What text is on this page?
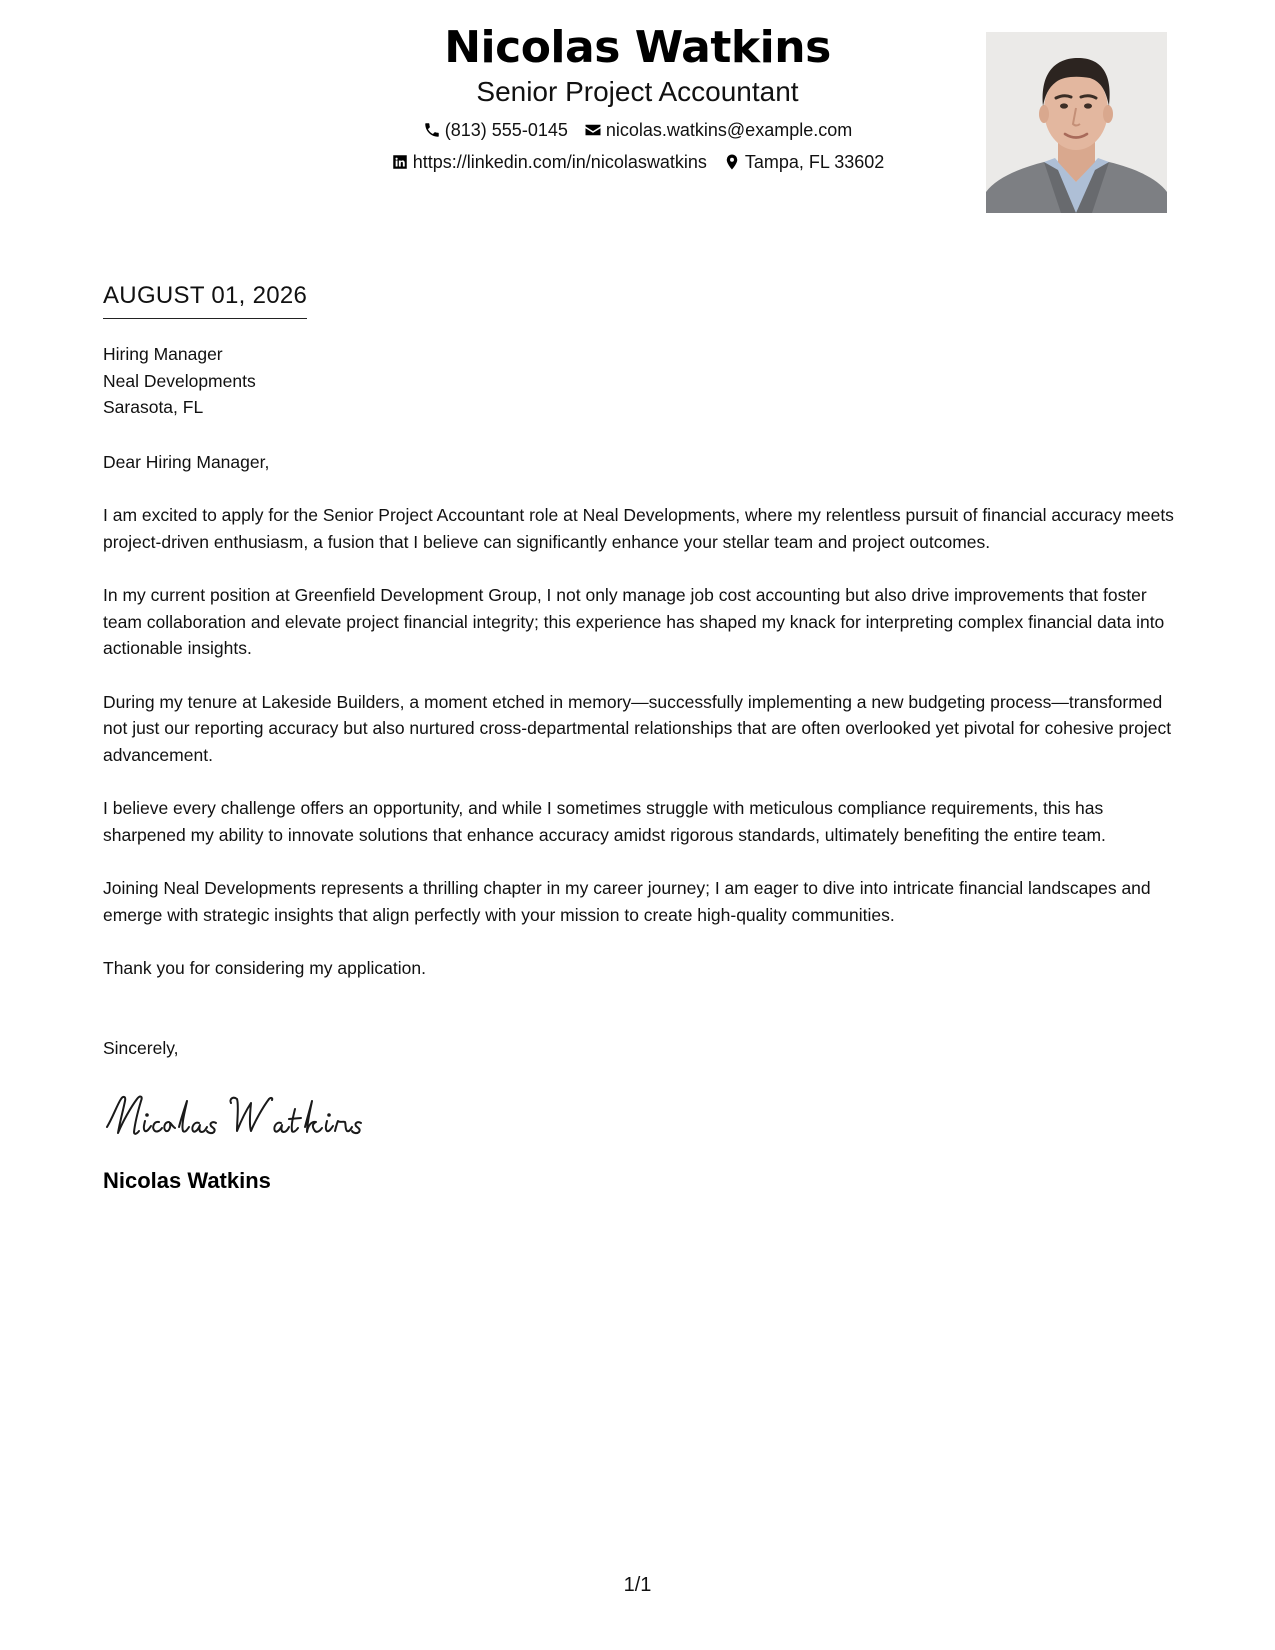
Nicolas Watkins

Senior Project Accountant

(813) 555-0145 nicolas.watkins@example.com
https://linkedin.com/in/nicolaswatkins Tampa, FL 33602
AUGUST 01, 2026

Hiring Manager

Neal Developments

Sarasota, FL

Dear Hiring Manager,

I am excited to apply for the Senior Project Accountant role at Neal Developments, where my relentless pursuit of financial accuracy meets project-driven enthusiasm, a fusion that I believe can significantly enhance your stellar team and project outcomes.

In my current position at Greenfield Development Group, I not only manage job cost accounting but also drive improvements that foster team collaboration and elevate project financial integrity; this experience has shaped my knack for interpreting complex financial data into actionable insights.

During my tenure at Lakeside Builders, a moment etched in memory—successfully implementing a new budgeting process—transformed not just our reporting accuracy but also nurtured cross-departmental relationships that are often overlooked yet pivotal for cohesive project advancement.

I believe every challenge offers an opportunity, and while I sometimes struggle with meticulous compliance requirements, this has sharpened my ability to innovate solutions that enhance accuracy amidst rigorous standards, ultimately benefiting the entire team.

Joining Neal Developments represents a thrilling chapter in my career journey; I am eager to dive into intricate financial landscapes and emerge with strategic insights that align perfectly with your mission to create high-quality communities.

Thank you for considering my application.

Sincerely,

Nicolas Watkins
1/1
